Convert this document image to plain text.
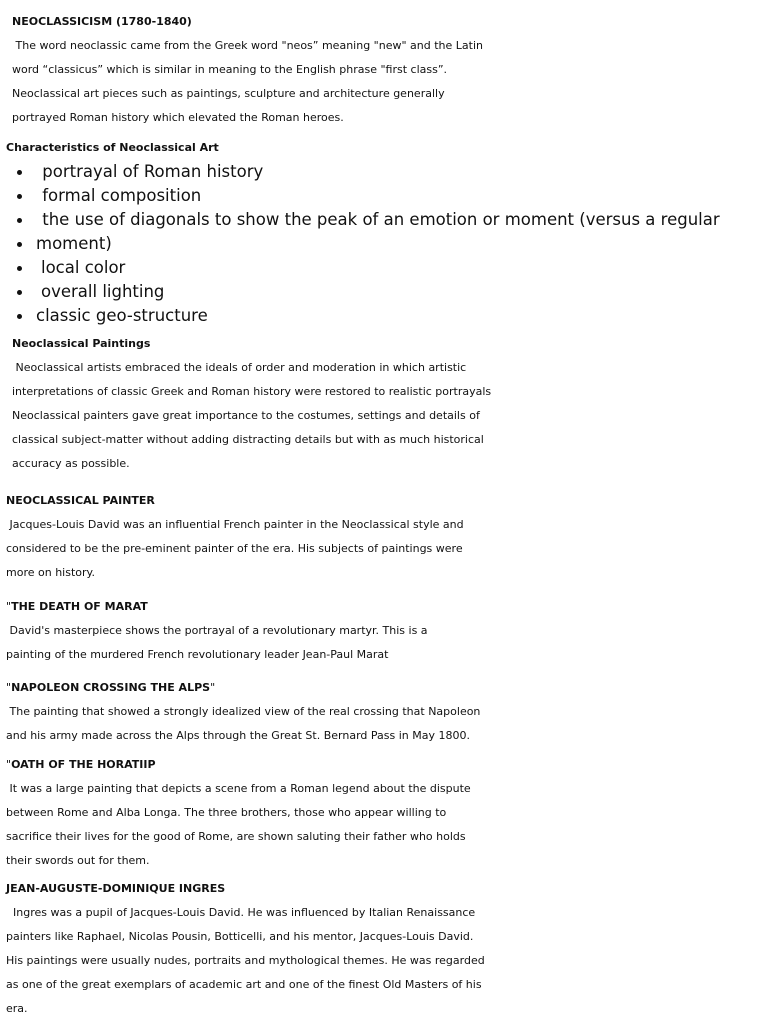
NEOCLASSICISM (1780-1840)
The word neoclassic came from the Greek word "neos” meaning "new" and the Latin
word “classicus” which is similar in meaning to the English phrase "first class”.
Neoclassical art pieces such as paintings, sculpture and architecture generally
portrayed Roman history which elevated the Roman heroes.
Characteristics of Neoclassical Art
portrayal of Roman history
formal composition
the use of diagonals to show the peak of an emotion or moment (versus a regular
moment)
local color
overall lighting
classic geo-structure
Neoclassical Paintings
Neoclassical artists embraced the ideals of order and moderation in which artistic
interpretations of classic Greek and Roman history were restored to realistic portrayals
Neoclassical painters gave great importance to the costumes, settings and details of
classical subject-matter without adding distracting details but with as much historical
accuracy as possible.
NEOCLASSICAL PAINTER
Jacques-Louis David was an influential French painter in the Neoclassical style and
considered to be the pre-eminent painter of the era. His subjects of paintings were
more on history.
"THE DEATH OF MARAT
David's masterpiece shows the portrayal of a revolutionary martyr. This is a
painting of the murdered French revolutionary leader Jean-Paul Marat
"NAPOLEON CROSSING THE ALPS"
The painting that showed a strongly idealized view of the real crossing that Napoleon
and his army made across the Alps through the Great St. Bernard Pass in May 1800.
"OATH OF THE HORATIIP
It was a large painting that depicts a scene from a Roman legend about the dispute
between Rome and Alba Longa. The three brothers, those who appear willing to
sacrifice their lives for the good of Rome, are shown saluting their father who holds
their swords out for them.
JEAN-AUGUSTE-DOMINIQUE INGRES
Ingres was a pupil of Jacques-Louis David. He was influenced by Italian Renaissance
painters like Raphael, Nicolas Pousin, Botticelli, and his mentor, Jacques-Louis David.
His paintings were usually nudes, portraits and mythological themes. He was regarded
as one of the great exemplars of academic art and one of the finest Old Masters of his
era.
